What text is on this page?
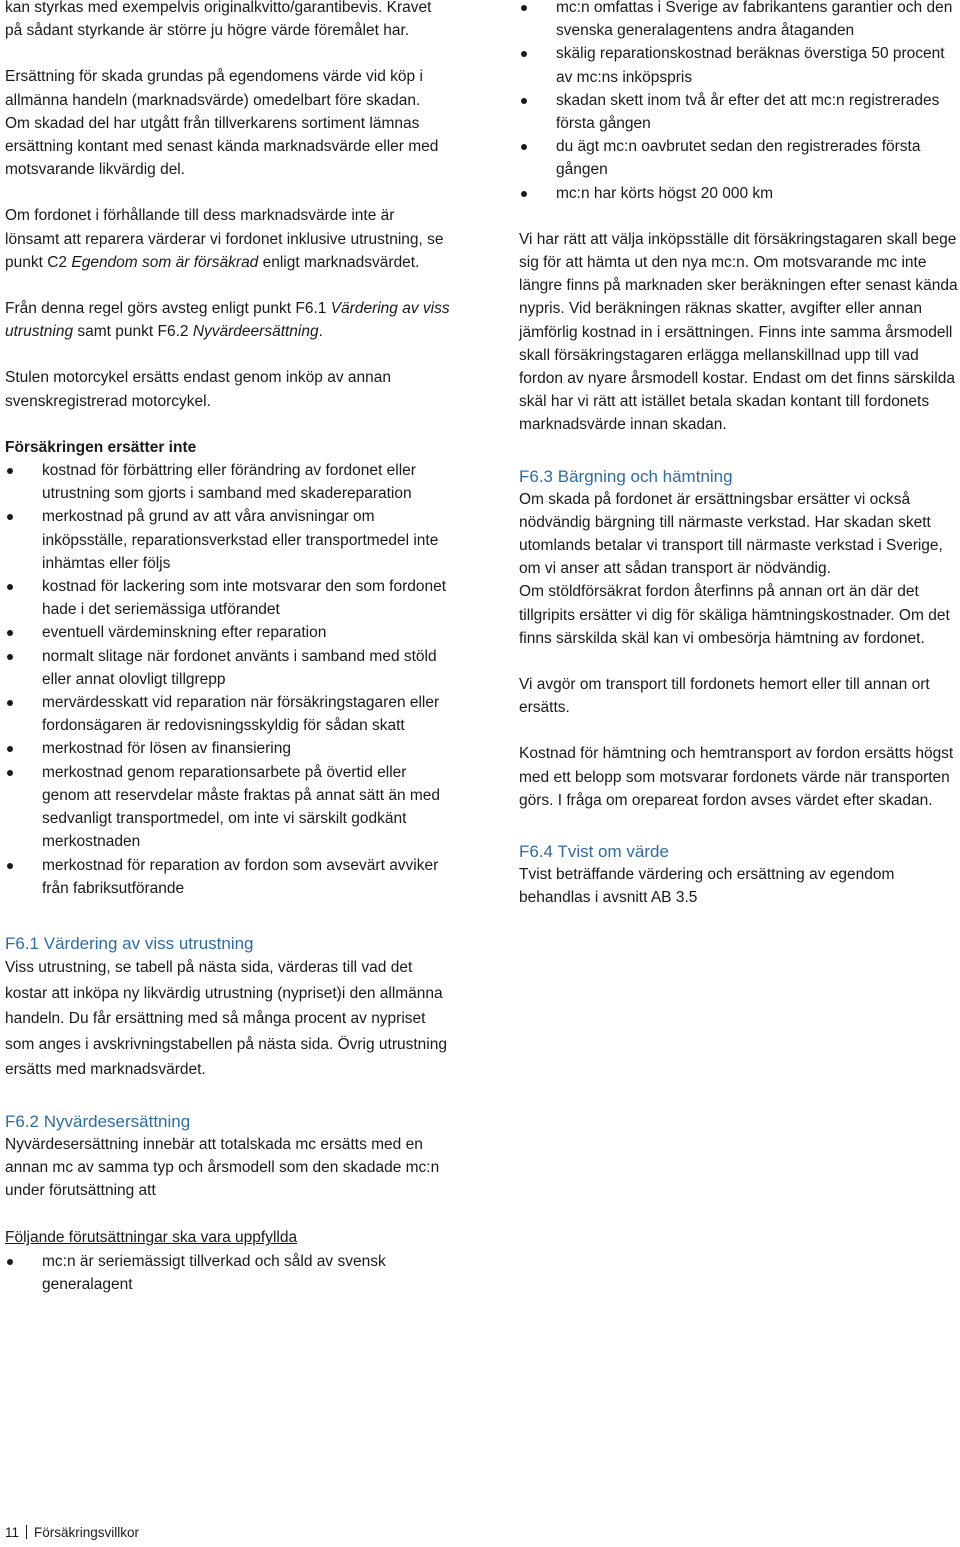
kan styrkas med exempelvis originalkvitto/garantibevis. Kravet på sådant styrkande är större ju högre värde föremålet har.

Ersättning för skada grundas på egendomens värde vid köp i allmänna handeln (marknadsvärde) omedelbart före skadan.

Om skadad del har utgått från tillverkarens sortiment lämnas ersättning kontant med senast kända marknadsvärde eller med motsvarande likvärdig del.

Om fordonet i förhållande till dess marknadsvärde inte är lönsamt att reparera värderar vi fordonet inklusive utrustning, se punkt C2 Egendom som är försäkrad enligt marknadsvärdet.

Från denna regel görs avsteg enligt punkt F6.1 Värdering av viss utrustning samt punkt F6.2 Nyvärdeersättning.

Stulen motorcykel ersätts endast genom inköp av annan svenskregistrerad motorcykel.

Försäkringen ersätter inte

kostnad för förbättring eller förändring av fordonet eller utrustning som gjorts i samband med skadereparation
merkostnad på grund av att våra anvisningar om inköpsställe, reparationsverkstad eller transportmedel inte inhämtas eller följs
kostnad för lackering som inte motsvarar den som fordonet hade i det seriemässiga utförandet
eventuell värdeminskning efter reparation
normalt slitage när fordonet använts i samband med stöld eller annat olovligt tillgrepp
mervärdesskatt vid reparation när försäkringstagaren eller fordonsägaren är redovisningsskyldig för sådan skatt
merkostnad för lösen av finansiering
merkostnad genom reparationsarbete på övertid eller genom att reservdelar måste fraktas på annat sätt än med sedvanligt transportmedel, om inte vi särskilt godkänt merkostnaden
merkostnad för reparation av fordon som avsevärt avviker från fabriksutförande

F6.1 Värdering av viss utrustning

Viss utrustning, se tabell på nästa sida, värderas till vad det kostar att inköpa ny likvärdig utrustning (nypriset)i den allmänna handeln. Du får ersättning med så många procent av nypriset som anges i avskrivningstabellen på nästa sida. Övrig utrustning ersätts med marknadsvärdet.

F6.2 Nyvärdesersättning

Nyvärdesersättning innebär att totalskada mc ersätts med en annan mc av samma typ och årsmodell som den skadade mc:n under förutsättning att

Följande förutsättningar ska vara uppfyllda

mc:n är seriemässigt tillverkad och såld av svensk generalagent
mc:n omfattas i Sverige av fabrikantens garantier och den svenska generalagentens andra åtaganden
skälig reparationskostnad beräknas överstiga 50 procent av mc:ns inköpspris
skadan skett inom två år efter det att mc:n registrerades första gången
du ägt mc:n oavbrutet sedan den registrerades första gången
mc:n har körts högst 20 000 km

Vi har rätt att välja inköpsställe dit försäkringstagaren skall bege sig för att hämta ut den nya mc:n. Om motsvarande mc inte längre finns på marknaden sker beräkningen efter senast kända nypris. Vid beräkningen räknas skatter, avgifter eller annan jämförlig kostnad in i ersättningen. Finns inte samma årsmodell skall försäkringstagaren erlägga mellanskillnad upp till vad fordon av nyare årsmodell kostar. Endast om det finns särskilda skäl har vi rätt att istället betala skadan kontant till fordonets marknadsvärde innan skadan.

F6.3 Bärgning och hämtning

Om skada på fordonet är ersättningsbar ersätter vi också nödvändig bärgning till närmaste verkstad. Har skadan skett utomlands betalar vi transport till närmaste verkstad i Sverige, om vi anser att sådan transport är nödvändig.

Om stöldförsäkrat fordon återfinns på annan ort än där det tillgripits ersätter vi dig för skäliga hämtningskostnader. Om det finns särskilda skäl kan vi ombesörja hämtning av fordonet.

Vi avgör om transport till fordonets hemort eller till annan ort ersätts.

Kostnad för hämtning och hemtransport av fordon ersätts högst med ett belopp som motsvarar fordonets värde när transporten görs. I fråga om orepareat fordon avses värdet efter skadan.

F6.4 Tvist om värde

Tvist beträffande värdering och ersättning av egendom behandlas i avsnitt AB 3.5

11 Försäkringsvillkor
